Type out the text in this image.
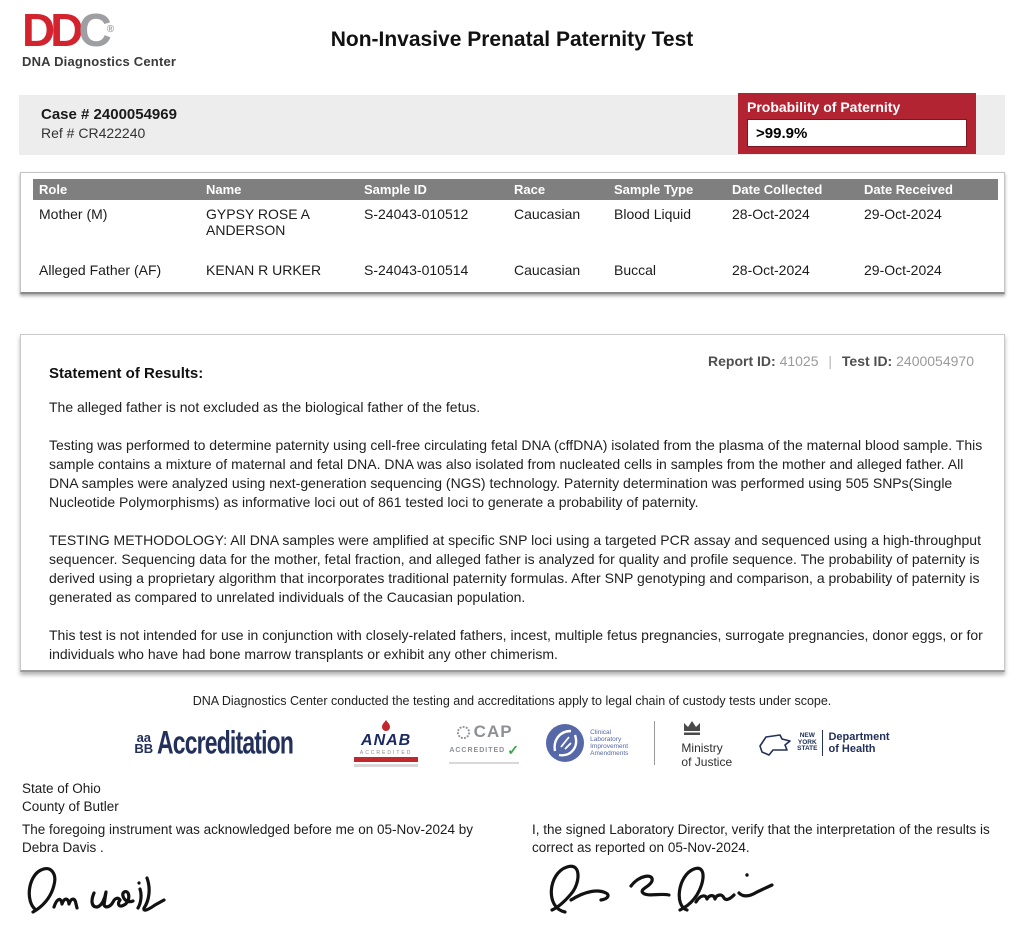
DDC®
DNA Diagnostics Center
Non-Invasive Prenatal Paternity Test
Case # 2400054969
Ref # CR422240
Probability of Paternity
>99.9%
Role	Name	Sample ID	Race	Sample Type	Date Collected	Date Received
Mother (M)	GYPSY ROSE A ANDERSON	S-24043-010512	Caucasian	Blood Liquid	28-Oct-2024	29-Oct-2024
Alleged Father (AF)	KENAN R URKER	S-24043-010514	Caucasian	Buccal	28-Oct-2024	29-Oct-2024
Report ID: 41025 | Test ID: 2400054970
Statement of Results:

The alleged father is not excluded as the biological father of the fetus.

Testing was performed to determine paternity using cell-free circulating fetal DNA (cffDNA) isolated from the plasma of the maternal blood sample. This sample contains a mixture of maternal and fetal DNA. DNA was also isolated from nucleated cells in samples from the mother and alleged father. All DNA samples were analyzed using next-generation sequencing (NGS) technology. Paternity determination was performed using 505 SNPs(Single Nucleotide Polymorphisms) as informative loci out of 861 tested loci to generate a probability of paternity.

TESTING METHODOLOGY: All DNA samples were amplified at specific SNP loci using a targeted PCR assay and sequenced using a high-throughput sequencer. Sequencing data for the mother, fetal fraction, and alleged father is analyzed for quality and profile sequence. The probability of paternity is derived using a proprietary algorithm that incorporates traditional paternity formulas. After SNP genotyping and comparison, a probability of paternity is generated as compared to unrelated individuals of the Caucasian population.

This test is not intended for use in conjunction with closely-related fathers, incest, multiple fetus pregnancies, surrogate pregnancies, donor eggs, or for individuals who have had bone marrow transplants or exhibit any other chimerism.

DNA Diagnostics Center conducted the testing and accreditations apply to legal chain of custody tests under scope.
aa
BB Accreditation	ANAB
ACCREDITED
CAP
ACCREDITED ✓
Clinical
Laboratory
Improvement
Amendments	Ministry
of Justice
NEW
YORK
STATE
Department
of Health
State of Ohio
County of Butler
The foregoing instrument was acknowledged before me on 05-Nov-2024 by Debra Davis .
I, the signed Laboratory Director, verify that the interpretation of the results is correct as reported on 05-Nov-2024.
